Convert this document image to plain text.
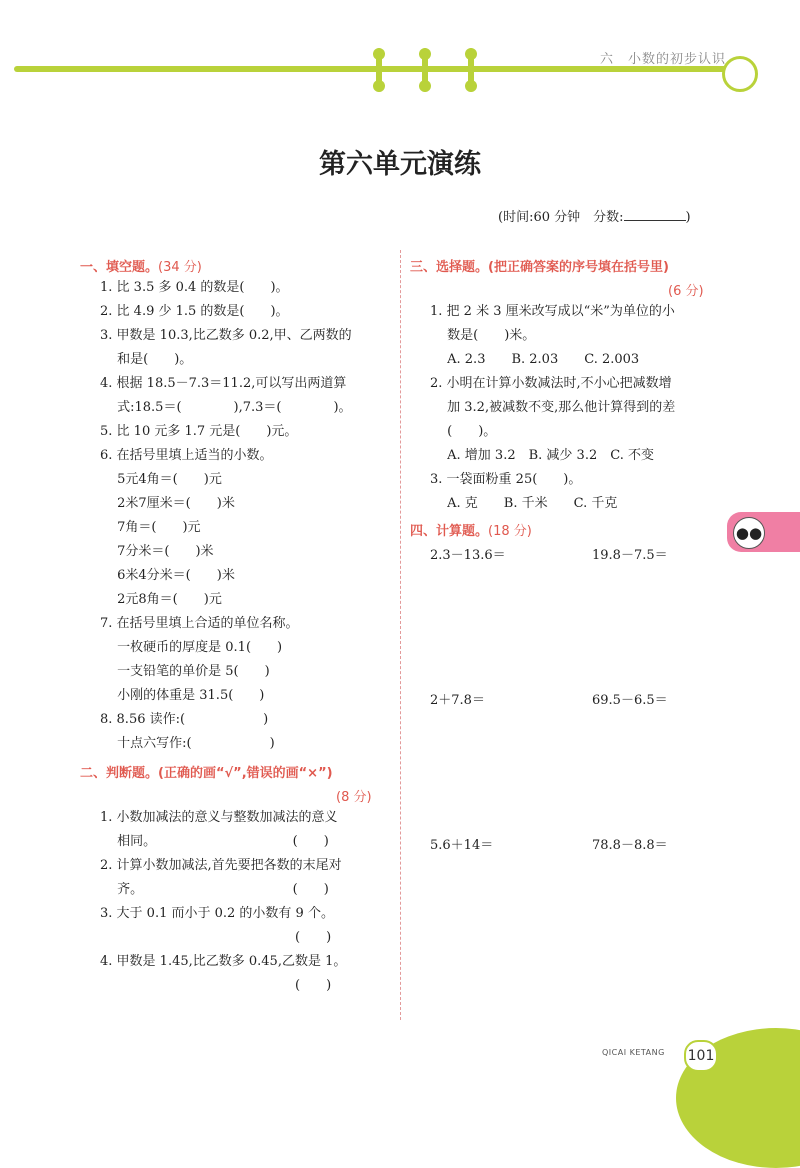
六　小数的初步认识
第六单元演练
(时间:60 分钟　分数:	)
一、填空题。(34 分)
1. 比 3.5 多 0.4 的数是(　　)。
2. 比 4.9 少 1.5 的数是(　　)。
3. 甲数是 10.3,比乙数多 0.2,甲、乙两数的
　 和是(　　)。
4. 根据 18.5－7.3＝11.2,可以写出两道算
　 式:18.5＝(　　　　),7.3＝(　　　　)。
5. 比 10 元多 1.7 元是(　　)元。
6. 在括号里填上适当的小数。
　 5元4角＝(　　)元
　 2米7厘米＝(　　)米
　 7角＝(　　)元
　 7分米＝(　　)米
　 6米4分米＝(　　)米
　 2元8角＝(　　)元
7. 在括号里填上合适的单位名称。
　 一枚硬币的厚度是 0.1(　　)
　 一支铅笔的单价是 5(　　)
　 小刚的体重是 31.5(　　)
8. 8.56 读作:(　　　　　　)
　 十点六写作:(　　　　　　)
二、判断题。(正确的画“√”,错误的画“×”)
(8 分)
1. 小数加减法的意义与整数加减法的意义
　 相同。　　　　　　　　　　　(　　)
2. 计算小数加减法,首先要把各数的末尾对
　 齐。　　　　　　　　　　　　(　　)
3. 大于 0.1 而小于 0.2 的小数有 9 个。
　　　　　　　　　　　　　　　(　　)
4. 甲数是 1.45,比乙数多 0.45,乙数是 1。
　　　　　　　　　　　　　　　(　　)
三、选择题。(把正确答案的序号填在括号里)
(6 分)
1. 把 2 米 3 厘米改写成以“米”为单位的小
　 数是(　　)米。
　 A. 2.3　　B. 2.03　　C. 2.003
2. 小明在计算小数减法时,不小心把减数增
　 加 3.2,被减数不变,那么他计算得到的差
　 (　　)。
　 A. 增加 3.2　B. 减少 3.2　C. 不变
3. 一袋面粉重 25(　　)。
　 A. 克　　B. 千米　　C. 千克
四、计算题。(18 分)
2.3－13.6＝	19.8－7.5＝
2＋7.8＝	69.5－6.5＝
5.6＋14＝	78.8－8.8＝
●●
QICAI KETANG 101
